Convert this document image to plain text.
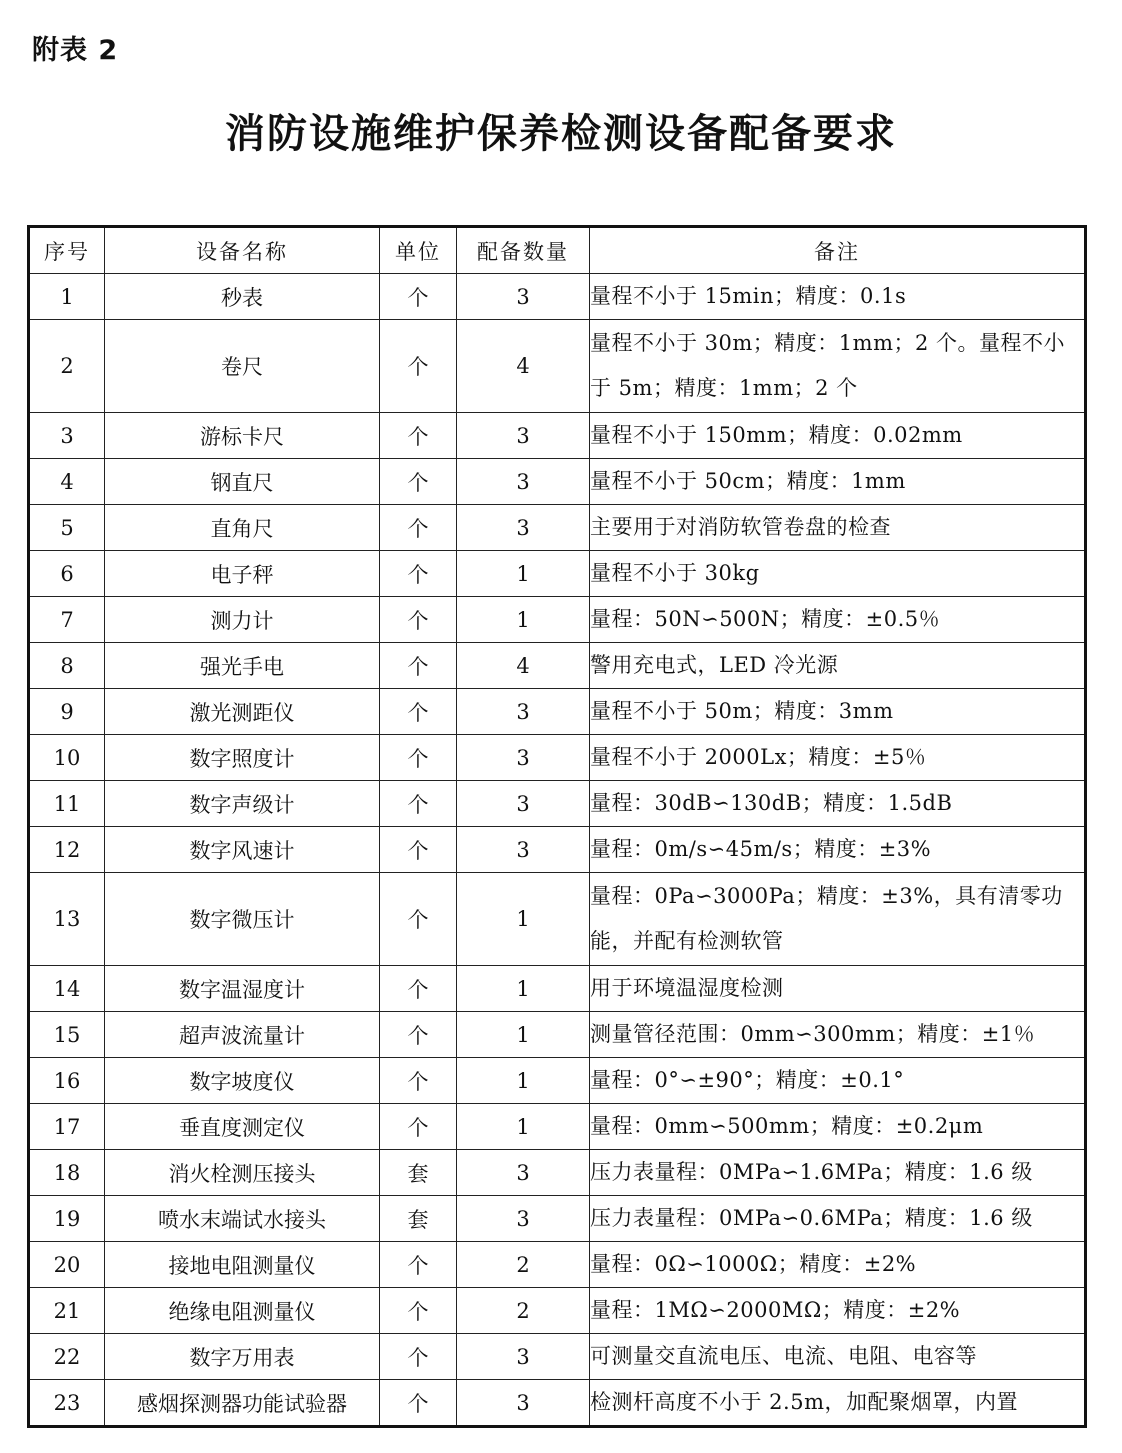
附表 2
消防设施维护保养检测设备配备要求
序号	设备名称	单位	配备数量	备注
1	秒表	个	3	量程不小于 15min；精度：0.1s
2	卷尺	个	4	量程不小于 30m；精度：1mm；2 个。量程不小于 5m；精度：1mm；2 个
3	游标卡尺	个	3	量程不小于 150mm；精度：0.02mm
4	钢直尺	个	3	量程不小于 50cm；精度：1mm
5	直角尺	个	3	主要用于对消防软管卷盘的检查
6	电子秤	个	1	量程不小于 30kg
7	测力计	个	1	量程：50N∽500N；精度：±0.5％
8	强光手电	个	4	警用充电式，LED 冷光源
9	激光测距仪	个	3	量程不小于 50m；精度：3mm
10	数字照度计	个	3	量程不小于 2000Lx；精度：±5％
11	数字声级计	个	3	量程：30dB∽130dB；精度：1.5dB
12	数字风速计	个	3	量程：0m/s∽45m/s；精度：±3%
13	数字微压计	个	1	量程：0Pa∽3000Pa；精度：±3%，具有清零功能，并配有检测软管
14	数字温湿度计	个	1	用于环境温湿度检测
15	超声波流量计	个	1	测量管径范围：0mm∽300mm；精度：±1％
16	数字坡度仪	个	1	量程：0°∽±90°；精度：±0.1°
17	垂直度测定仪	个	1	量程：0mm∽500mm；精度：±0.2μm
18	消火栓测压接头	套	3	压力表量程：0MPa∽1.6MPa；精度：1.6 级
19	喷水末端试水接头	套	3	压力表量程：0MPa∽0.6MPa；精度：1.6 级
20	接地电阻测量仪	个	2	量程：0Ω∽1000Ω；精度：±2%
21	绝缘电阻测量仪	个	2	量程：1MΩ∽2000MΩ；精度：±2%
22	数字万用表	个	3	可测量交直流电压、电流、电阻、电容等
23	感烟探测器功能试验器	个	3	检测杆高度不小于 2.5m，加配聚烟罩，内置
